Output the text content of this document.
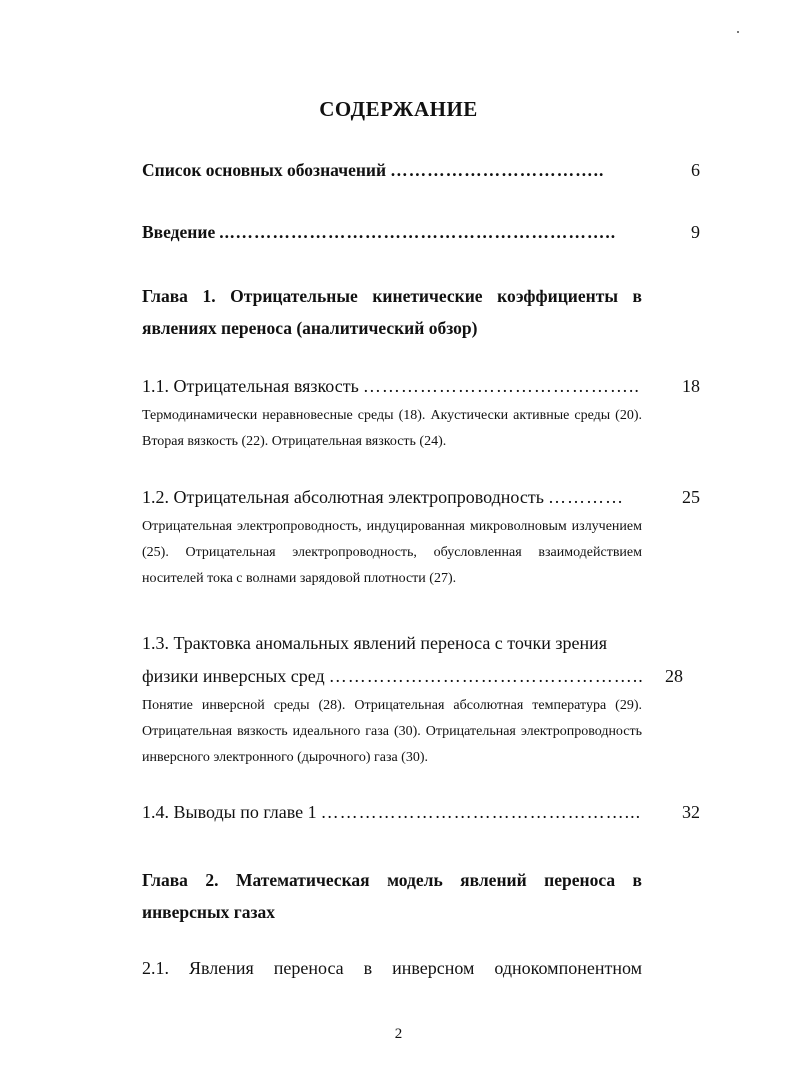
СОДЕРЖАНИЕ
Список основных обозначений ……………………………..	6
Введение ...……………………………………………………..	9
Глава 1. Отрицательные кинетические коэффициенты в явлениях переноса (аналитический обзор)
1.1. Отрицательная вязкость ……………………………………..	18
Термодинамически неравновесные среды (18). Акустически активные среды (20). Вторая вязкость (22). Отрицательная вязкость (24).
1.2. Отрицательная абсолютная электропроводность …………	25
Отрицательная электропроводность, индуцированная микроволновым излучением (25). Отрицательная электропроводность, обусловленная взаимодействием носителей тока с волнами зарядовой плотности (27).
1.3. Трактовка аномальных явлений переноса с точки зрения
физики инверсных сред …………………………………………..	28
Понятие инверсной среды (28). Отрицательная абсолютная температура (29). Отрицательная вязкость идеального газа (30). Отрицательная электропроводность инверсного электронного (дырочного) газа (30).
1.4. Выводы по главе 1 …………………………………………...	32
Глава 2. Математическая модель явлений переноса в инверсных газах
2.1. Явления переноса в инверсном однокомпонентном
2
